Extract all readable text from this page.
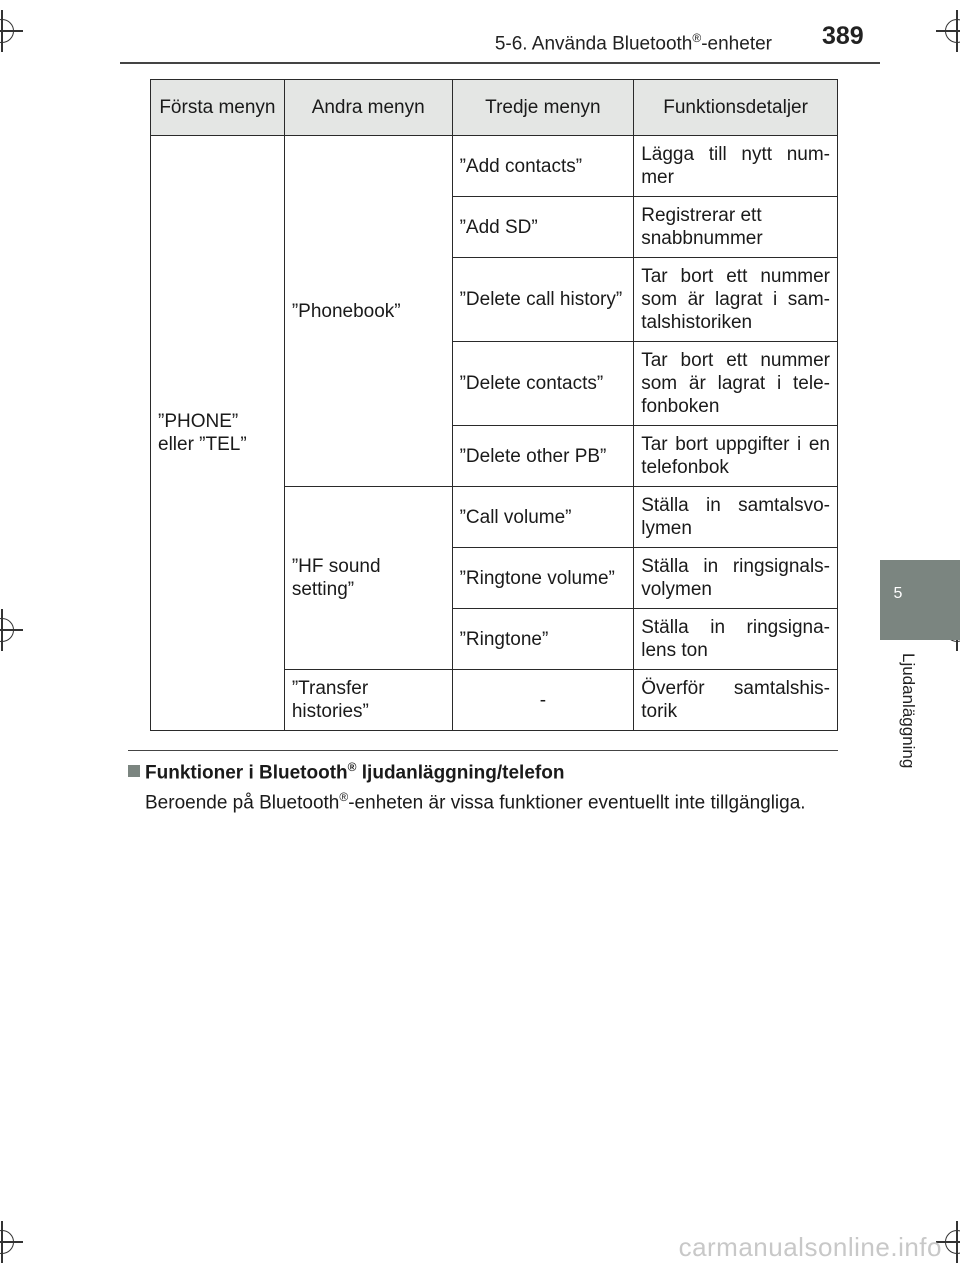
5-6. Använda Bluetooth®-enheter 389
5
Ljudanläggning
Första menyn	Andra menyn	Tredje menyn	Funktionsdetaljer
”PHONE” eller ”TEL”	”Phonebook”	”Add contacts”	Lägga till nytt num-mer
		”Add SD”	Registrerar ett snabbnummer
		”Delete call history”	Tar bort ett nummer som är lagrat i sam-talshistoriken
		”Delete contacts”	Tar bort ett nummer som är lagrat i tele-fonboken
		”Delete other PB”	Tar bort uppgifter i en telefonbok
	”HF sound setting”	”Call volume”	Ställa in samtalsvo-lymen
		”Ringtone volume”	Ställa in ringsignals-volymen
		”Ringtone”	Ställa in ringsigna-lens ton
	”Transfer histories”	-	Överför samtalshis-torik
Funktioner i Bluetooth® ljudanläggning/telefon
Beroende på Bluetooth®-enheten är vissa funktioner eventuellt inte tillgängliga.
carmanualsonline.info
